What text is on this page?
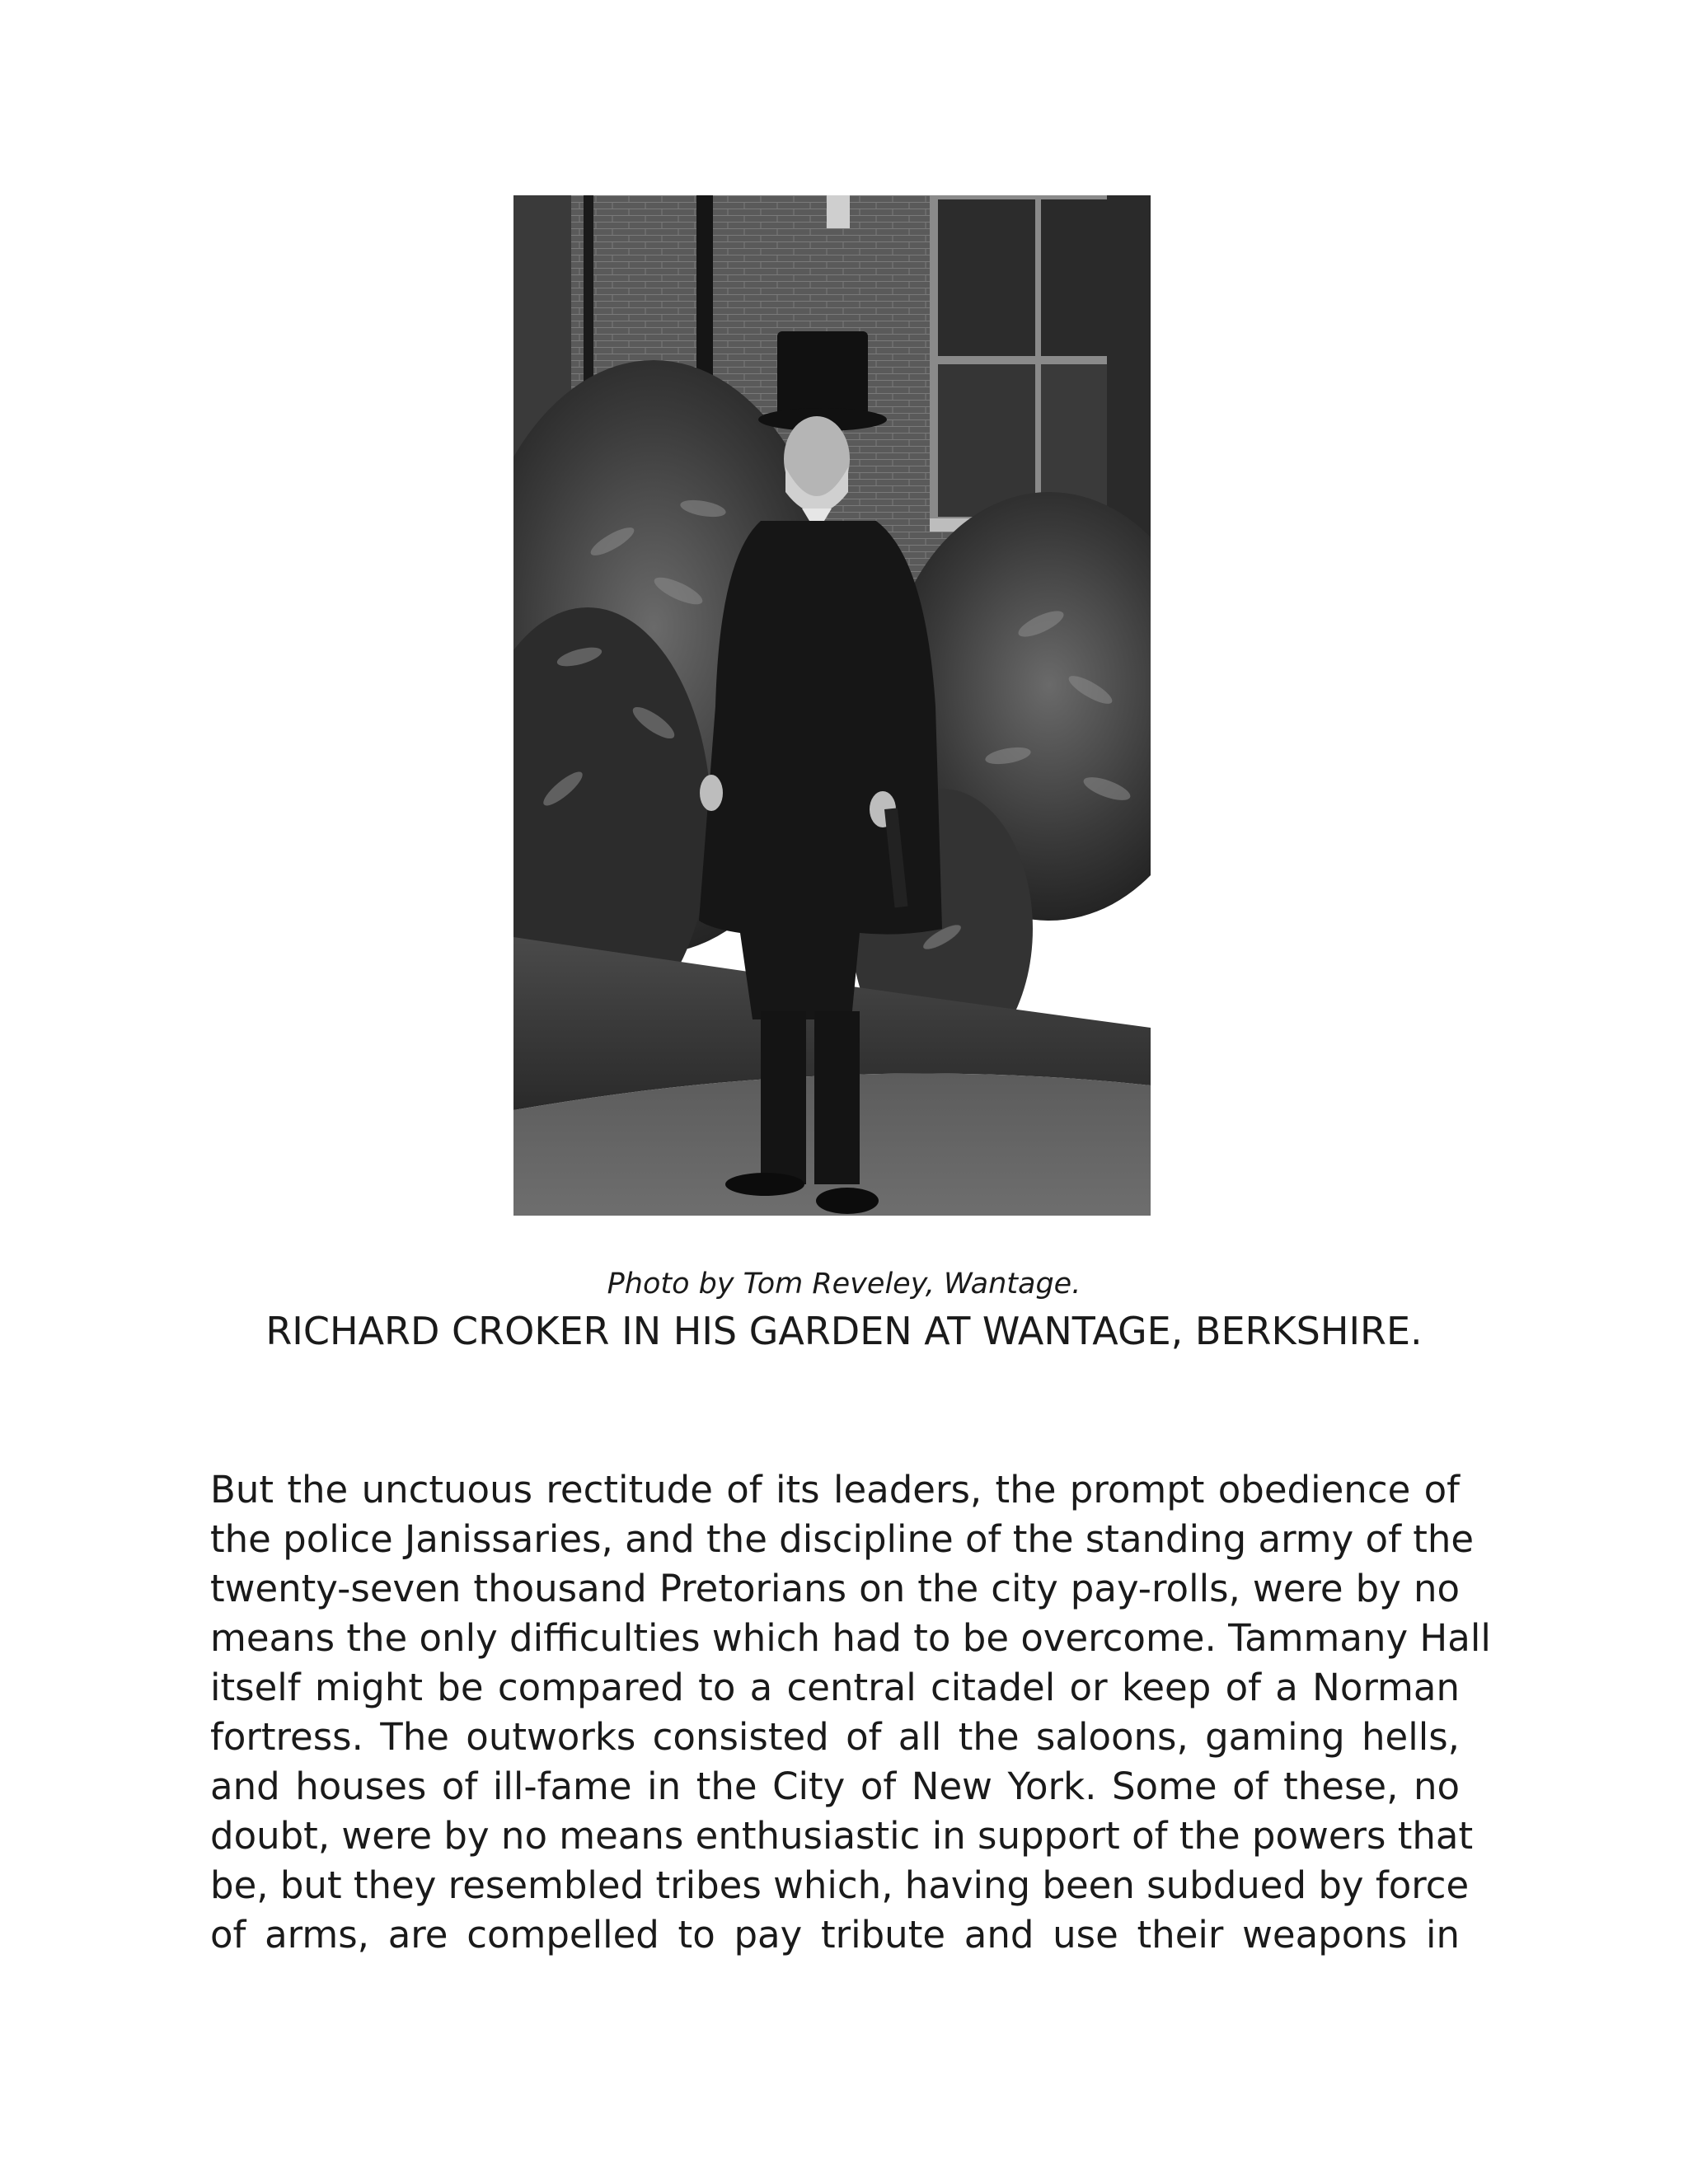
Photo by Tom Reveley, Wantage.

RICHARD CROKER IN HIS GARDEN AT WANTAGE, BERKSHIRE.
But the unctuous rectitude of its leaders, the prompt obedience of
the police Janissaries, and the discipline of the standing army of the
twenty-seven thousand Pretorians on the city pay-rolls, were by no
means the only difficulties which had to be overcome. Tammany Hall
itself might be compared to a central citadel or keep of a Norman
fortress. The outworks consisted of all the saloons, gaming hells,
and houses of ill-fame in the City of New York. Some of these, no
doubt, were by no means enthusiastic in support of the powers that
be, but they resembled tribes which, having been subdued by force
of arms, are compelled to pay tribute and use their weapons in
